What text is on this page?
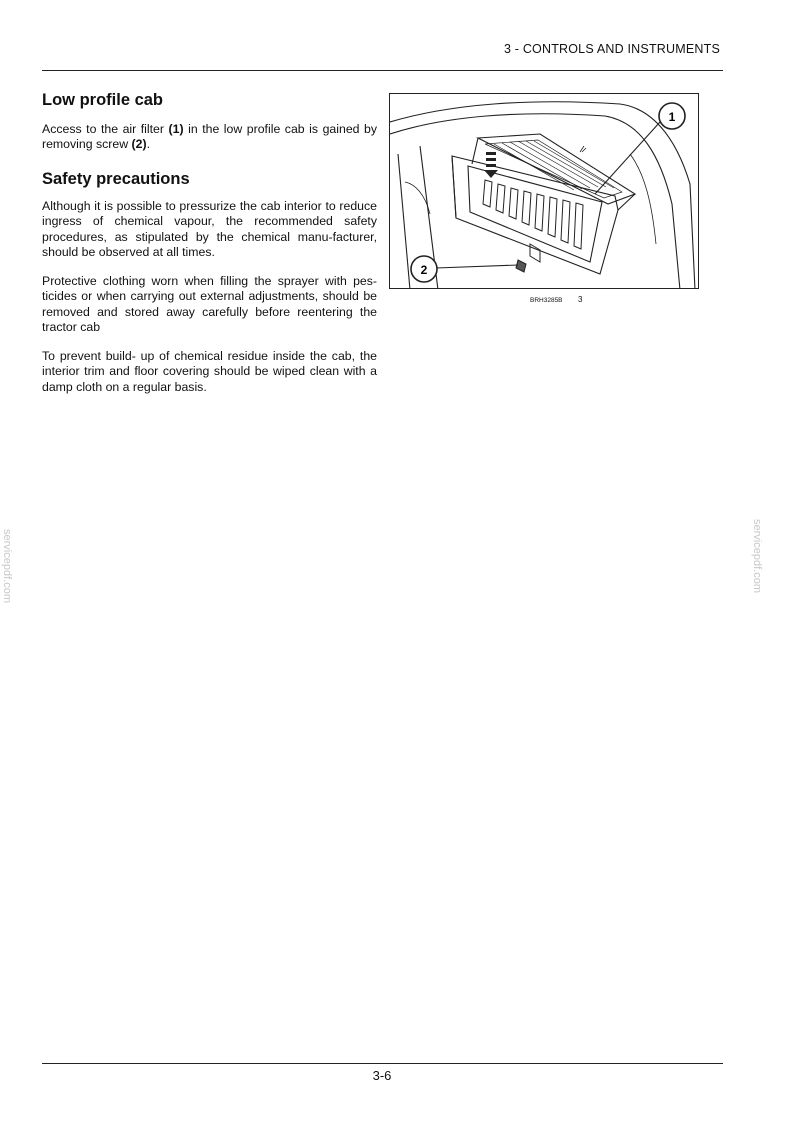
3 - CONTROLS AND INSTRUMENTS
Low profile cab

Access to the air filter (1) in the low profile cab is gained by removing screw (2).

Safety precautions

Although it is possible to pressurize the cab interior to reduce ingress of chemical vapour, the recommended safety procedures, as stipulated by the chemical manu-facturer, should be observed at all times.

Protective clothing worn when filling the sprayer with pes-ticides or when carrying out external adjustments, should be removed and stored away carefully before reentering the tractor cab

To prevent build- up of chemical residue inside the cab, the interior trim and floor covering should be wiped clean with a damp cloth on a regular basis.

1
2
BRH3285B 3
servicepdf.com	servicepdf.com
3-6
